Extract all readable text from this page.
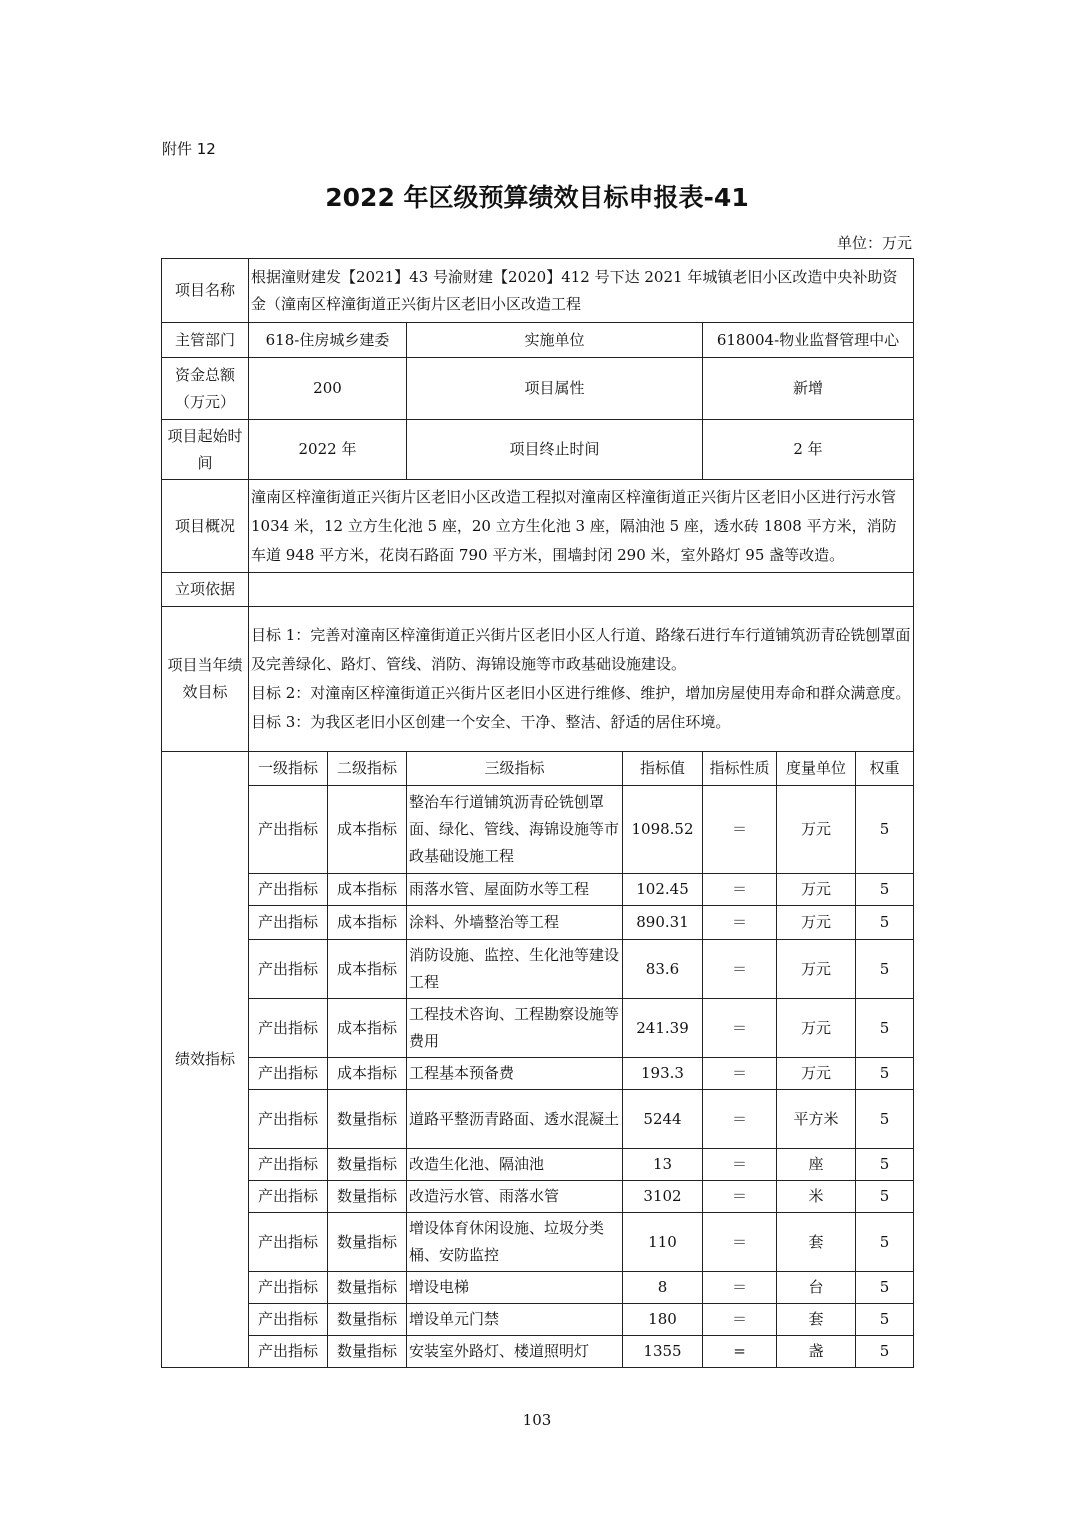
附件 12
2022 年区级预算绩效目标申报表-41
单位：万元
项目名称	根据潼财建发【2021】43 号渝财建【2020】412 号下达 2021 年城镇老旧小区改造中央补助资金（潼南区梓潼街道正兴街片区老旧小区改造工程						
主管部门	618-住房城乡建委		实施单位		618004-物业监督管理中心		
资金总额（万元）	200		项目属性		新增		
项目起始时间	2022 年		项目终止时间		2 年		
项目概况	潼南区梓潼街道正兴街片区老旧小区改造工程拟对潼南区梓潼街道正兴街片区老旧小区进行污水管 1034 米，12 立方生化池 5 座，20 立方生化池 3 座，隔油池 5 座，透水砖 1808 平方米，消防车道 948 平方米，花岗石路面 790 平方米，围墙封闭 290 米，室外路灯 95 盏等改造。						
立项依据							
项目当年绩效目标	目标 1：完善对潼南区梓潼街道正兴街片区老旧小区人行道、路缘石进行车行道铺筑沥青砼铣刨罩面及完善绿化、路灯、管线、消防、海锦设施等市政基础设施建设。
目标 2：对潼南区梓潼街道正兴街片区老旧小区进行维修、维护，增加房屋使用寿命和群众满意度。
目标 3：为我区老旧小区创建一个安全、干净、整洁、舒适的居住环境。						

绩效指标	一级指标	二级指标	三级指标	指标值	指标性质	度量单位	权重
	产出指标	成本指标	整治车行道铺筑沥青砼铣刨罩面、绿化、管线、海锦设施等市政基础设施工程	1098.52	＝	万元	5
	产出指标	成本指标	雨落水管、屋面防水等工程	102.45	＝	万元	5
	产出指标	成本指标	涂料、外墙整治等工程	890.31	＝	万元	5
	产出指标	成本指标	消防设施、监控、生化池等建设工程	83.6	＝	万元	5
	产出指标	成本指标	工程技术咨询、工程勘察设施等费用	241.39	＝	万元	5
	产出指标	成本指标	工程基本预备费	193.3	＝	万元	5
	产出指标	数量指标	道路平整沥青路面、透水混凝土	5244	＝	平方米	5
	产出指标	数量指标	改造生化池、隔油池	13	＝	座	5
	产出指标	数量指标	改造污水管、雨落水管	3102	＝	米	5
	产出指标	数量指标	增设体育休闲设施、垃圾分类桶、安防监控	110	＝	套	5
	产出指标	数量指标	增设电梯	8	＝	台	5
	产出指标	数量指标	增设单元门禁	180	＝	套	5
	产出指标	数量指标	安装室外路灯、楼道照明灯	1355	=	盏	5
103
